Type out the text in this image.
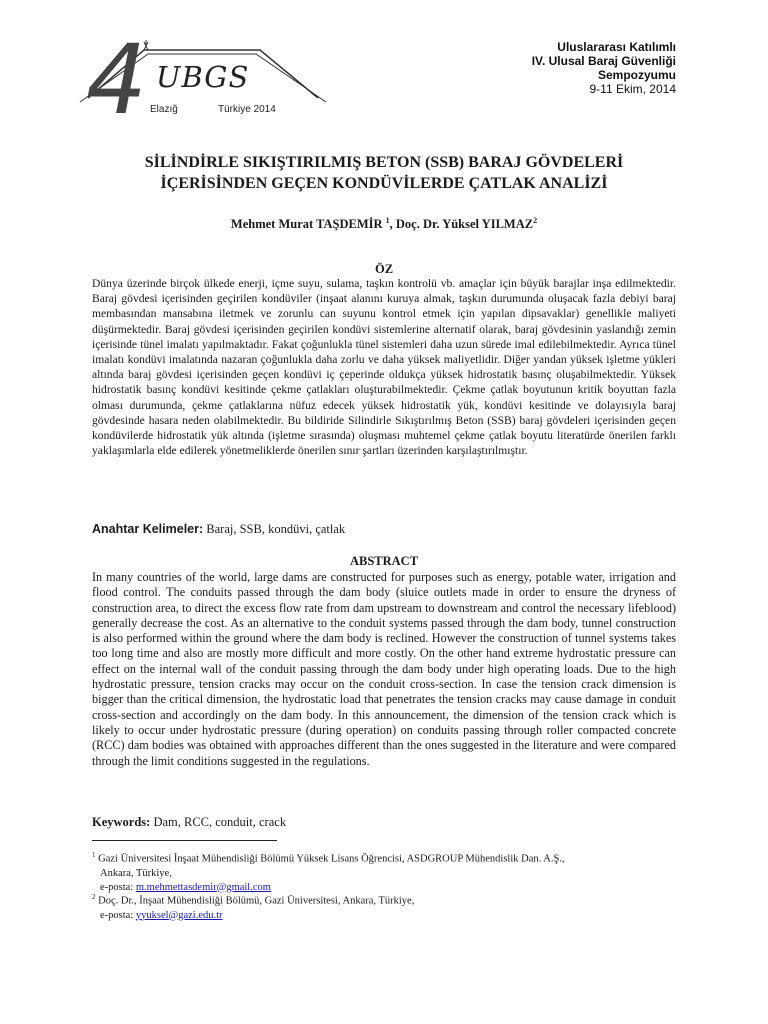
4 UBGS
Elazığ	Türkiye 2014
Uluslararası Katılımlı
IV. Ulusal Baraj Güvenliği
Sempozyumu
9-11 Ekim, 2014
SİLİNDİRLE SIKIŞTIRILMIŞ BETON (SSB) BARAJ GÖVDELERİ
İÇERİSİNDEN GEÇEN KONDÜVİLERDE ÇATLAK ANALİZİ
Mehmet Murat TAŞDEMİR $^1$, Doç. Dr. Yüksel YILMAZ$^2$
ÖZ
Dünya üzerinde birçok ülkede enerji, içme suyu, sulama, taşkın kontrolü vb. amaçlar için büyük barajlar inşa edilmektedir. Baraj gövdesi içerisinden geçirilen kondüviler (inşaat alanını kuruya almak, taşkın durumunda oluşacak fazla debiyi baraj membasından mansabına iletmek ve zorunlu can suyunu kontrol etmek için yapılan dipsavaklar) genellikle maliyeti düşürmektedir. Baraj gövdesi içerisinden geçirilen kondüvi sistemlerine alternatif olarak, baraj gövdesinin yaslandığı zemin içerisinde tünel imalatı yapılmaktadır. Fakat çoğunlukla tünel sistemleri daha uzun sürede imal edilebilmektedir. Ayrıca tünel imalatı kondüvi imalatında nazaran çoğunlukla daha zorlu ve daha yüksek maliyetlidir. Diğer yandan yüksek işletme yükleri altında baraj gövdesi içerisinden geçen kondüvi iç çeperinde oldukça yüksek hidrostatik basınç oluşabilmektedir. Yüksek hidrostatik basınç kondüvi kesitinde çekme çatlakları oluşturabilmektedir. Çekme çatlak boyutunun kritik boyuttan fazla olması durumunda, çekme çatlaklarına nüfuz edecek yüksek hidrostatik yük, kondüvi kesitinde ve dolayısıyla baraj gövdesinde hasara neden olabilmektedir. Bu bildiride Silindirle Sıkıştırılmış Beton (SSB) baraj gövdeleri içerisinden geçen kondüvilerde hidrostatik yük altında (işletme sırasında) oluşması muhtemel çekme çatlak boyutu literatürde önerilen farklı yaklaşımlarla elde edilerek yönetmeliklerde önerilen sınır şartları üzerinden karşılaştırılmıştır.
Anahtar Kelimeler: Baraj, SSB, kondüvi, çatlak
ABSTRACT
In many countries of the world, large dams are constructed for purposes such as energy, potable water, irrigation and flood control. The conduits passed through the dam body (sluice outlets made in order to ensure the dryness of construction area, to direct the excess flow rate from dam upstream to downstream and control the necessary lifeblood) generally decrease the cost. As an alternative to the conduit systems passed through the dam body, tunnel construction is also performed within the ground where the dam body is reclined. However the construction of tunnel systems takes too long time and also are mostly more difficult and more costly. On the other hand extreme hydrostatic pressure can effect on the internal wall of the conduit passing through the dam body under high operating loads. Due to the high hydrostatic pressure, tension cracks may occur on the conduit cross-section. In case the tension crack dimension is bigger than the critical dimension, the hydrostatic load that penetrates the tension cracks may cause damage in conduit cross-section and accordingly on the dam body. In this announcement, the dimension of the tension crack which is likely to occur under hydrostatic pressure (during operation) on conduits passing through roller compacted concrete (RCC) dam bodies was obtained with approaches different than the ones suggested in the literature and were compared through the limit conditions suggested in the regulations.
Keywords: Dam, RCC, conduit, crack
$^1$ Gazi Üniversitesi İnşaat Mühendisliği Bölümü Yüksek Lisans Öğrencisi, ASDGROUP Mühendislik Dan. A.Ş.,
Ankara, Türkiye,
e-posta: m.mehmettasdemir@gmail.com
$^2$ Doç. Dr., İnşaat Mühendisliği Bölümü, Gazi Üniversitesi, Ankara, Türkiye,
e-posta: yyuksel@gazi.edu.tr
